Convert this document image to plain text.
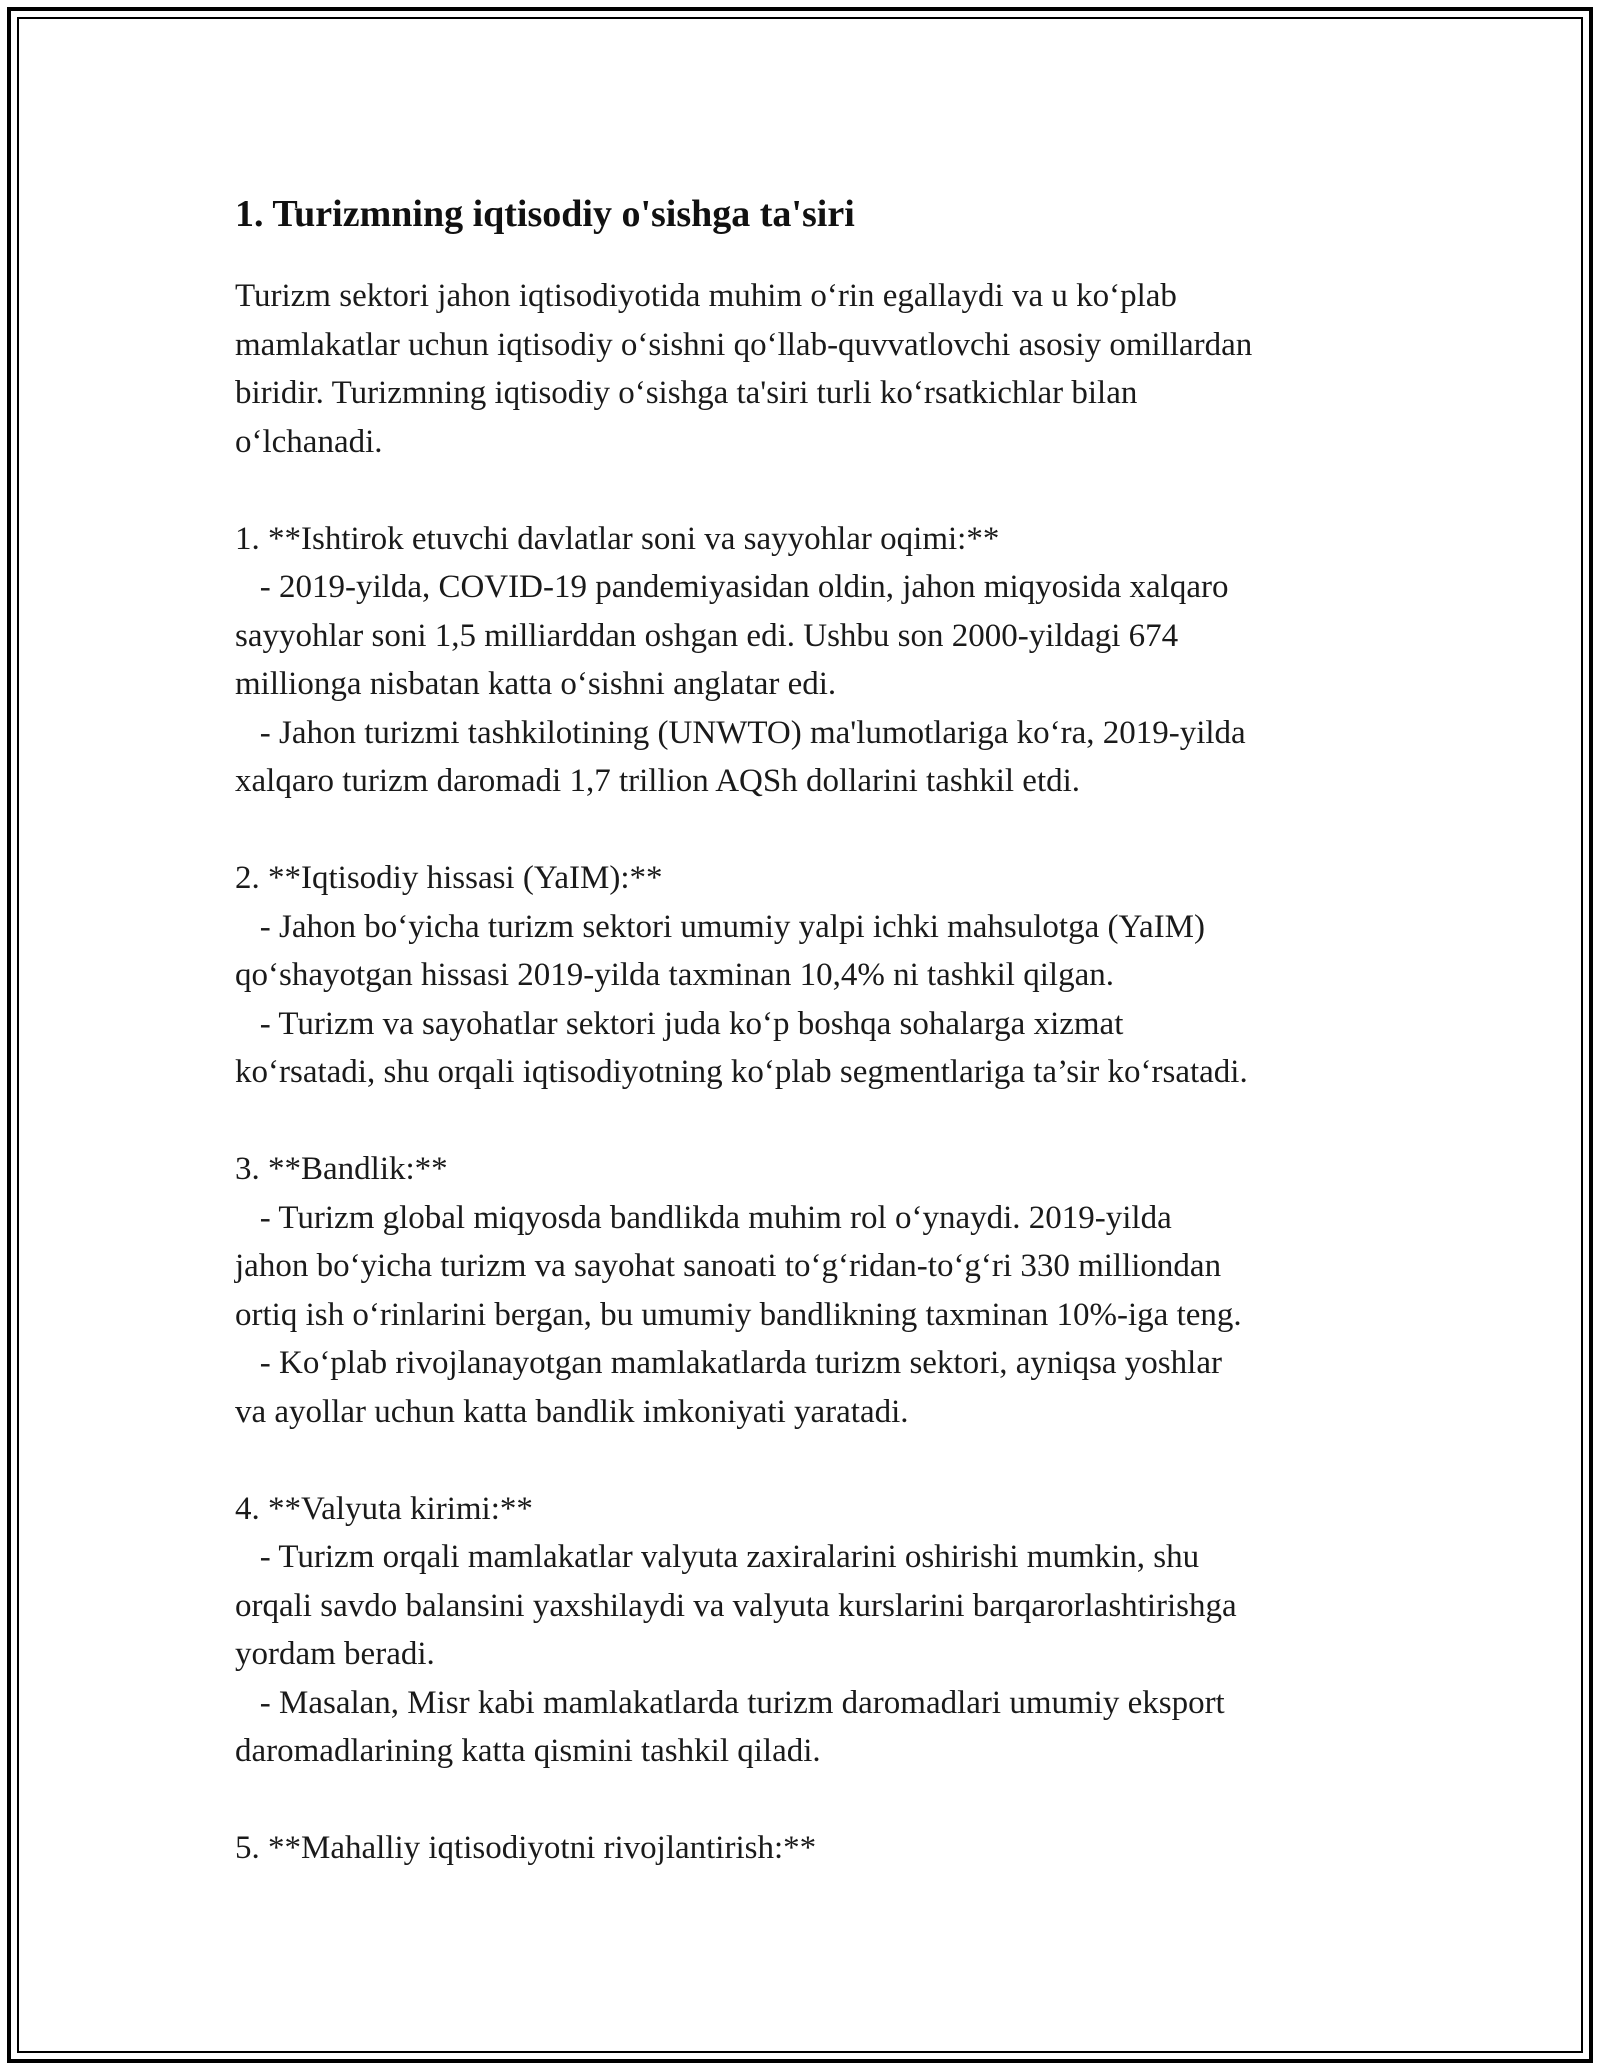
1. Turizmning iqtisodiy o'sishga ta'siri

Turizm sektori jahon iqtisodiyotida muhim o‘rin egallaydi va u ko‘plab
mamlakatlar uchun iqtisodiy o‘sishni qo‘llab-quvvatlovchi asosiy omillardan
biridir. Turizmning iqtisodiy o‘sishga ta'siri turli ko‘rsatkichlar bilan
o‘lchanadi.

1. **Ishtirok etuvchi davlatlar soni va sayyohlar oqimi:**

- 2019-yilda, COVID-19 pandemiyasidan oldin, jahon miqyosida xalqaro
sayyohlar soni 1,5 milliarddan oshgan edi. Ushbu son 2000-yildagi 674
millionga nisbatan katta o‘sishni anglatar edi.

- Jahon turizmi tashkilotining (UNWTO) ma'lumotlariga ko‘ra, 2019-yilda
xalqaro turizm daromadi 1,7 trillion AQSh dollarini tashkil etdi.

2. **Iqtisodiy hissasi (YaIM):**

- Jahon bo‘yicha turizm sektori umumiy yalpi ichki mahsulotga (YaIM)
qo‘shayotgan hissasi 2019-yilda taxminan 10,4% ni tashkil qilgan.

- Turizm va sayohatlar sektori juda ko‘p boshqa sohalarga xizmat
ko‘rsatadi, shu orqali iqtisodiyotning ko‘plab segmentlariga ta’sir ko‘rsatadi.

3. **Bandlik:**

- Turizm global miqyosda bandlikda muhim rol o‘ynaydi. 2019-yilda
jahon bo‘yicha turizm va sayohat sanoati to‘g‘ridan-to‘g‘ri 330 milliondan
ortiq ish o‘rinlarini bergan, bu umumiy bandlikning taxminan 10%-iga teng.

- Ko‘plab rivojlanayotgan mamlakatlarda turizm sektori, ayniqsa yoshlar
va ayollar uchun katta bandlik imkoniyati yaratadi.

4. **Valyuta kirimi:**

- Turizm orqali mamlakatlar valyuta zaxiralarini oshirishi mumkin, shu
orqali savdo balansini yaxshilaydi va valyuta kurslarini barqarorlashtirishga
yordam beradi.

- Masalan, Misr kabi mamlakatlarda turizm daromadlari umumiy eksport
daromadlarining katta qismini tashkil qiladi.

5. **Mahalliy iqtisodiyotni rivojlantirish:**
